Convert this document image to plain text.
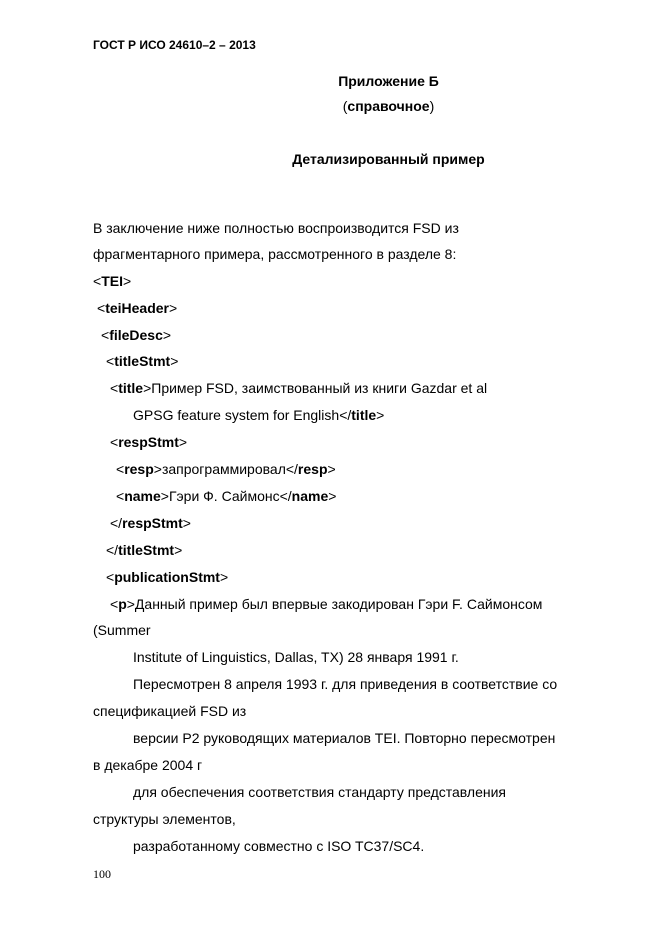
ГОСТ Р ИСО 24610–2 – 2013
Приложение Б
(справочное)
Детализированный пример
В заключение ниже полностью воспроизводится FSD из
фрагментарного примера, рассмотренного в разделе 8:
<TEI>
<teiHeader>
<fileDesc>
<titleStmt>
<title>Пример FSD, заимствованный из книги Gazdar et al
GPSG feature system for English</title>
<respStmt>
<resp>запрограммировал</resp>
<name>Гэри Ф. Саймонс</name>
</respStmt>
</titleStmt>
<publicationStmt>
<p>Данный пример был впервые закодирован Гэри F. Саймонсом
(Summer
Institute of Linguistics, Dallas, TX) 28 января 1991 г.
Пересмотрен 8 апреля 1993 г. для приведения в соответствие со
спецификацией FSD из
версии P2 руководящих материалов TEI. Повторно пересмотрен
в декабре 2004 г
для обеспечения соответствия стандарту представления
структуры элементов,
разработанному совместно с ISO TC37/SC4.
100
